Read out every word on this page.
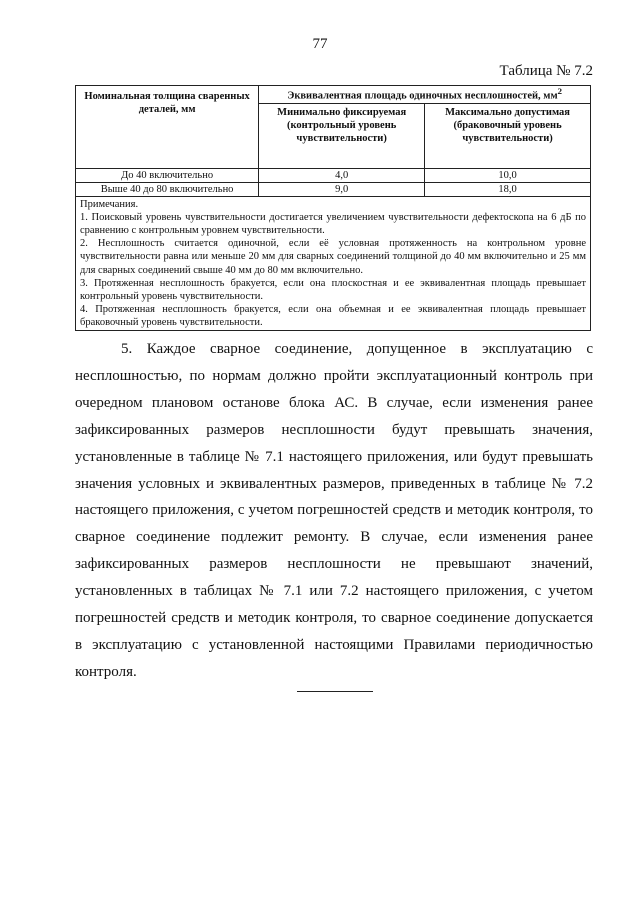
77
Таблица № 7.2
Номинальная толщина сваренных деталей, мм	Эквивалентная площадь одиночных несплошностей, $мм^2$
	Минимально фиксируемая (контрольный уровень чувствительности)	Максимально допустимая (браковочный уровень чувствительности)
До 40 включительно	4,0	10,0
Выше 40 до 80 включительно	9,0	18,0

Примечания.
1. Поисковый уровень чувствительности достигается увеличением чувствительности дефектоскопа на 6 дБ по сравнению с контрольным уровнем чувствительности.
2. Несплошность считается одиночной, если её условная протяженность на контрольном уровне чувствительности равна или меньше 20 мм для сварных соединений толщиной до 40 мм включительно и 25 мм для сварных соединений свыше 40 мм до 80 мм включительно.
3. Протяженная несплошность бракуется, если она плоскостная и ее эквивалентная площадь превышает контрольный уровень чувствительности.
4. Протяженная несплошность бракуется, если она объемная и ее эквивалентная площадь превышает браковочный уровень чувствительности.		

5. Каждое сварное соединение, допущенное в эксплуатацию с несплошностью, по нормам должно пройти эксплуатационный контроль при очередном плановом останове блока АС. В случае, если изменения ранее зафиксированных размеров несплошности будут превышать значения, установленные в таблице № 7.1 настоящего приложения, или будут превышать значения условных и эквивалентных размеров, приведенных в таблице № 7.2 настоящего приложения, с учетом погрешностей средств и методик контроля, то сварное соединение подлежит ремонту. В случае, если изменения ранее зафиксированных размеров несплошности не превышают значений, установленных в таблицах № 7.1 или 7.2 настоящего приложения, с учетом погрешностей средств и методик контроля, то сварное соединение допускается в эксплуатацию с установленной настоящими Правилами периодичностью контроля.
